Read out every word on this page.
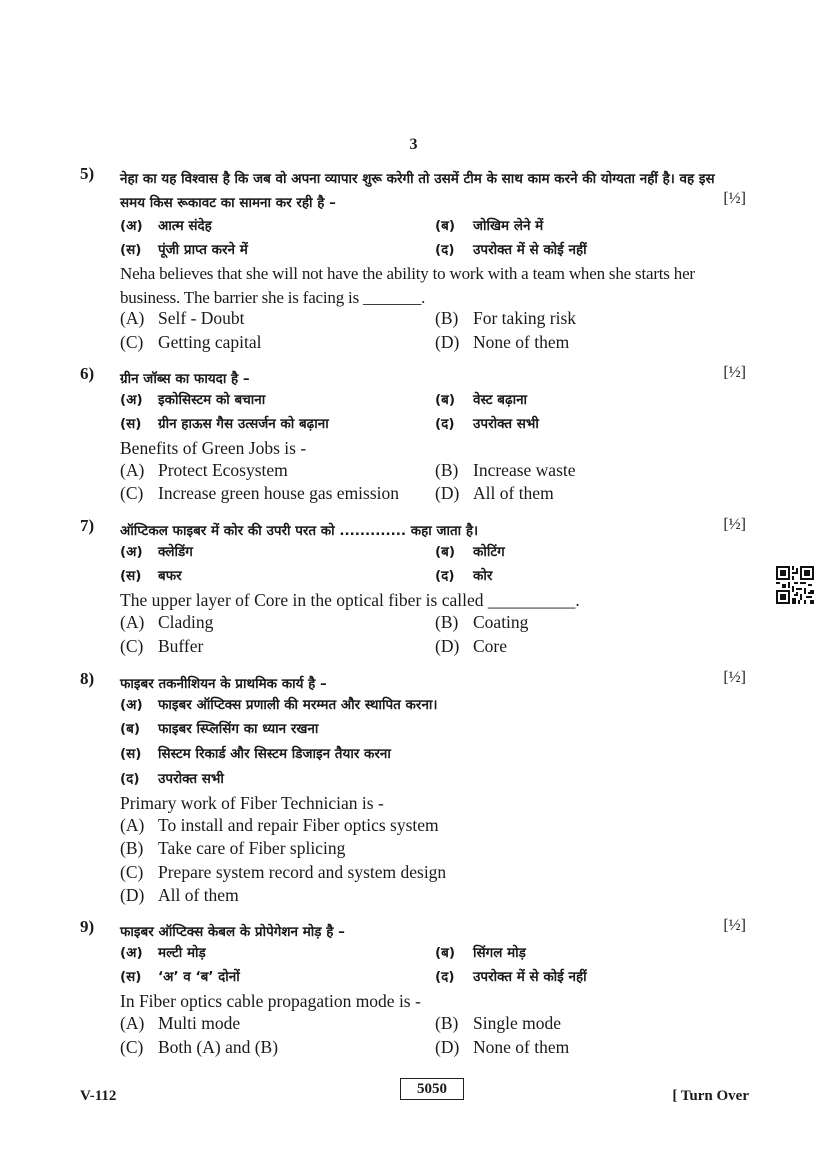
3
5) नेहा का यह विश्वास है कि जब वो अपना व्यापार शुरू करेगी तो उसमें टीम के साथ काम करने की योग्यता नहीं है। वह इस समय किस रूकावट का सामना कर रही है –	[½]
(अ) आत्म संदेह	(ब) जोखिम लेने में
(स) पूंजी प्राप्त करने में	(द) उपरोक्त में से कोई नहीं
Neha believes that she will not have the ability to work with a team when she starts her business. The barrier she is facing is _______.
(A) Self - Doubt	(B) For taking risk
(C) Getting capital	(D) None of them
6) ग्रीन जॉब्स का फायदा है –	[½]
(अ) इकोसिस्टम को बचाना	(ब) वेस्ट बढ़ाना
(स) ग्रीन हाऊस गैस उत्सर्जन को बढ़ाना	(द) उपरोक्त सभी
Benefits of Green Jobs is -
(A) Protect Ecosystem	(B) Increase waste
(C) Increase green house gas emission (D) All of them
7) ऑप्टिकल फाइबर में कोर की उपरी परत को ............. कहा जाता है।	[½]
(अ) क्लेडिंग	(ब) कोटिंग
(स) बफर	(द) कोर
The upper layer of Core in the optical fiber is called __________.
(A) Clading	(B) Coating
(C) Buffer	(D) Core
8) फाइबर तकनीशियन के प्राथमिक कार्य है –	[½]
(अ) फाइबर ऑप्टिक्स प्रणाली की मरम्मत और स्थापित करना।
(ब) फाइबर स्प्लिसिंग का ध्यान रखना
(स) सिस्टम रिकार्ड और सिस्टम डिजाइन तैयार करना
(द) उपरोक्त सभी
Primary work of Fiber Technician is -
(A) To install and repair Fiber optics system
(B) Take care of Fiber splicing
(C) Prepare system record and system design
(D) All of them
9) फाइबर ऑप्टिक्स केबल के प्रोपेगेशन मोड़ है –	[½]
(अ) मल्टी मोड़	(ब) सिंगल मोड़
(स) ‘अ’ व ‘ब’ दोनों	(द) उपरोक्त में से कोई नहीं
In Fiber optics cable propagation mode is -
(A) Multi mode	(B) Single mode
(C) Both (A) and (B)	(D) None of them
V-112	5050	[ Turn Over
